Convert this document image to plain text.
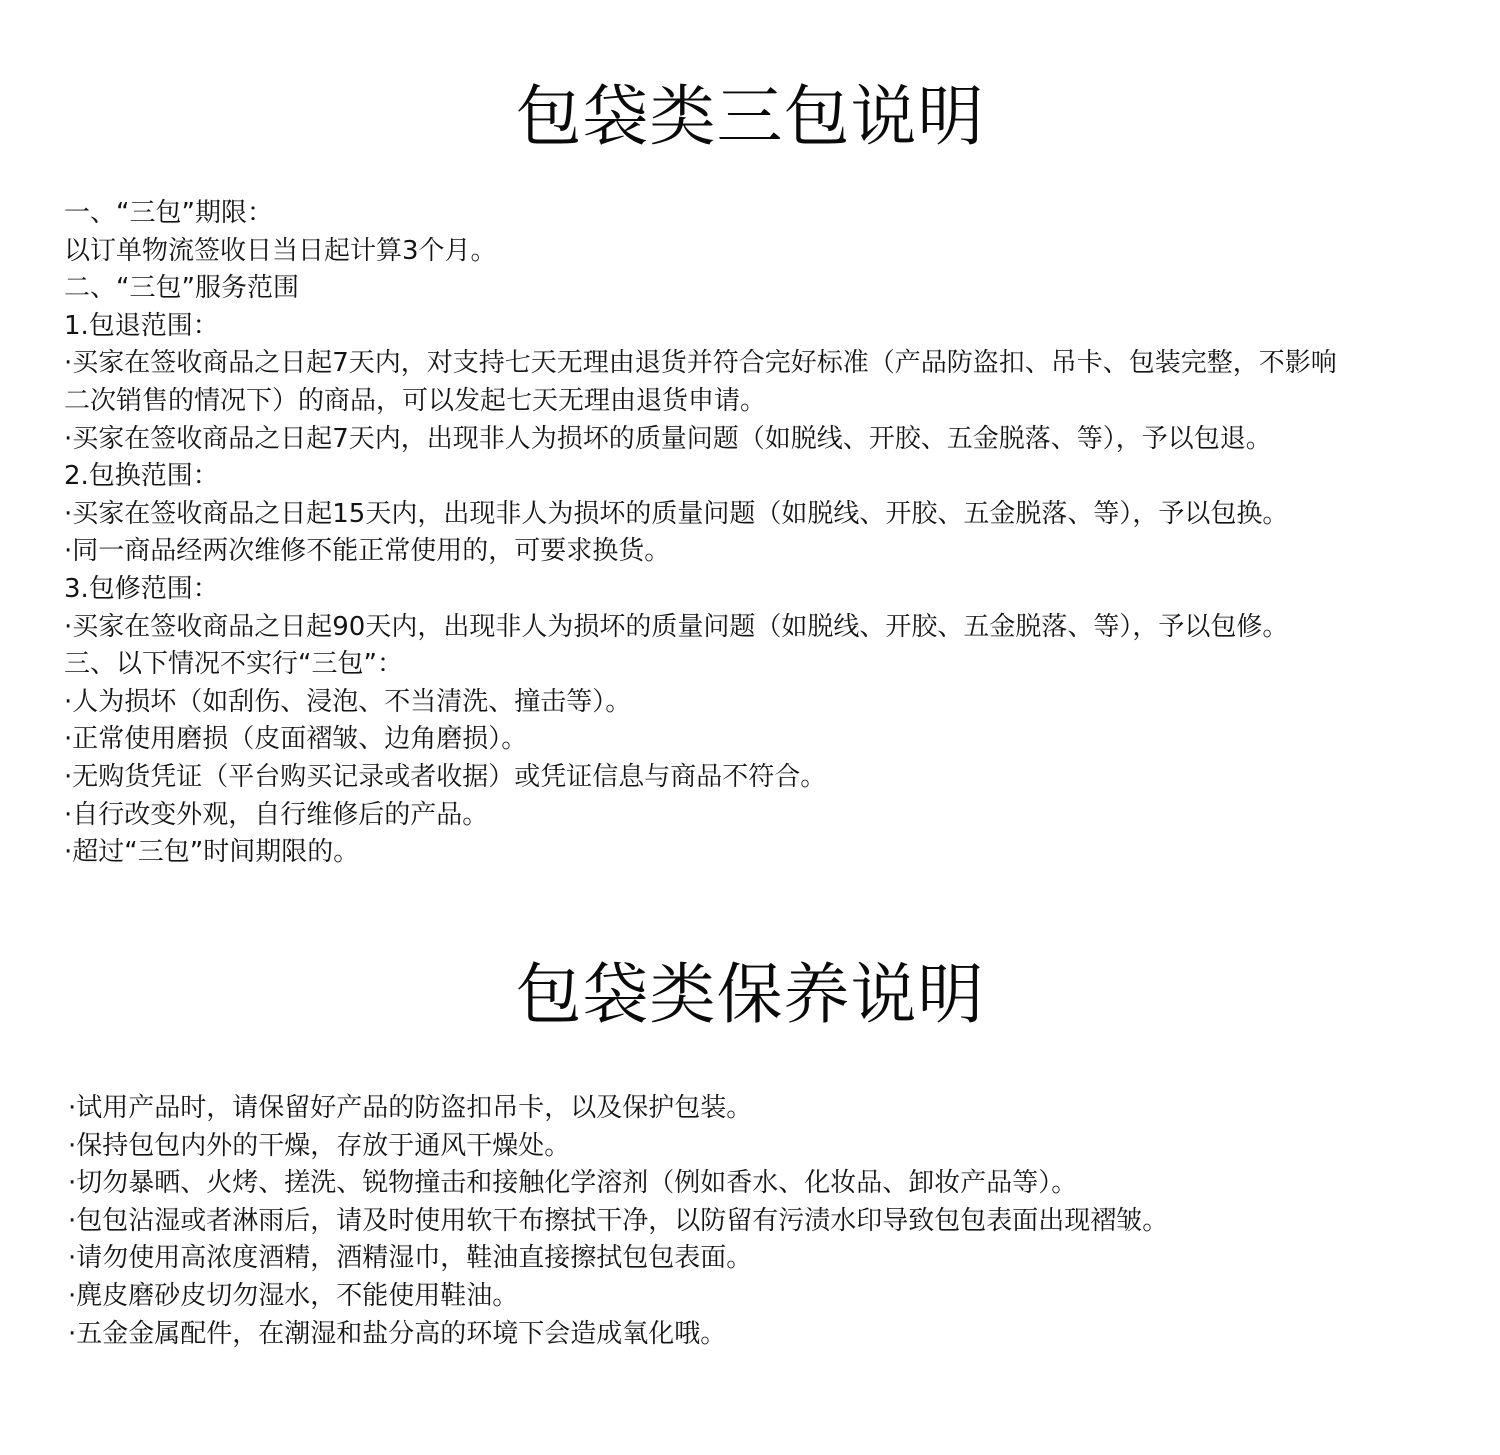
包袋类三包说明
一、“三包”期限：
以订单物流签收日当日起计算3个月。
二、“三包”服务范围
1.包退范围：
·买家在签收商品之日起7天内，对支持七天无理由退货并符合完好标准（产品防盗扣、吊卡、包装完整，不影响
二次销售的情况下）的商品，可以发起七天无理由退货申请。
·买家在签收商品之日起7天内，出现非人为损坏的质量问题（如脱线、开胶、五金脱落、等），予以包退。
2.包换范围：
·买家在签收商品之日起15天内，出现非人为损坏的质量问题（如脱线、开胶、五金脱落、等），予以包换。
·同一商品经两次维修不能正常使用的，可要求换货。
3.包修范围：
·买家在签收商品之日起90天内，出现非人为损坏的质量问题（如脱线、开胶、五金脱落、等），予以包修。
三、以下情况不实行“三包”：
·人为损坏（如刮伤、浸泡、不当清洗、撞击等）。
·正常使用磨损（皮面褶皱、边角磨损）。
·无购货凭证（平台购买记录或者收据）或凭证信息与商品不符合。
·自行改变外观，自行维修后的产品。
·超过“三包”时间期限的。
包袋类保养说明
·试用产品时，请保留好产品的防盗扣吊卡，以及保护包装。
·保持包包内外的干燥，存放于通风干燥处。
·切勿暴晒、火烤、搓洗、锐物撞击和接触化学溶剂（例如香水、化妆品、卸妆产品等）。
·包包沾湿或者淋雨后，请及时使用软干布擦拭干净，以防留有污渍水印导致包包表面出现褶皱。
·请勿使用高浓度酒精，酒精湿巾，鞋油直接擦拭包包表面。
·麂皮磨砂皮切勿湿水，不能使用鞋油。
·五金金属配件，在潮湿和盐分高的环境下会造成氧化哦。
